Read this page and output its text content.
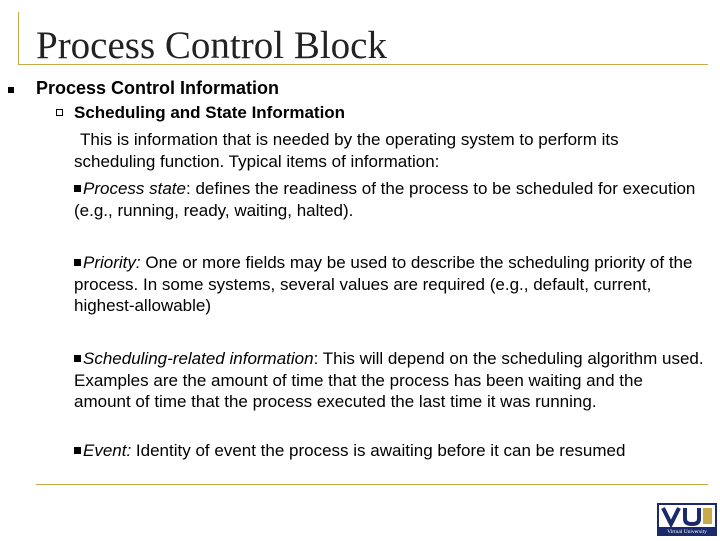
Process Control Block
Process Control Information
Scheduling and State Information
This is information that is needed by the operating system to perform its scheduling function. Typical items of information:
Process state: defines the readiness of the process to be scheduled for execution (e.g., running, ready, waiting, halted).
Priority: One or more fields may be used to describe the scheduling priority of the process. In some systems, several values are required (e.g., default, current, highest-allowable)
Scheduling-related information: This will depend on the scheduling algorithm used. Examples are the amount of time that the process has been waiting and the amount of time that the process executed the last time it was running.
Event: Identity of event the process is awaiting before it can be resumed
Virtual University
